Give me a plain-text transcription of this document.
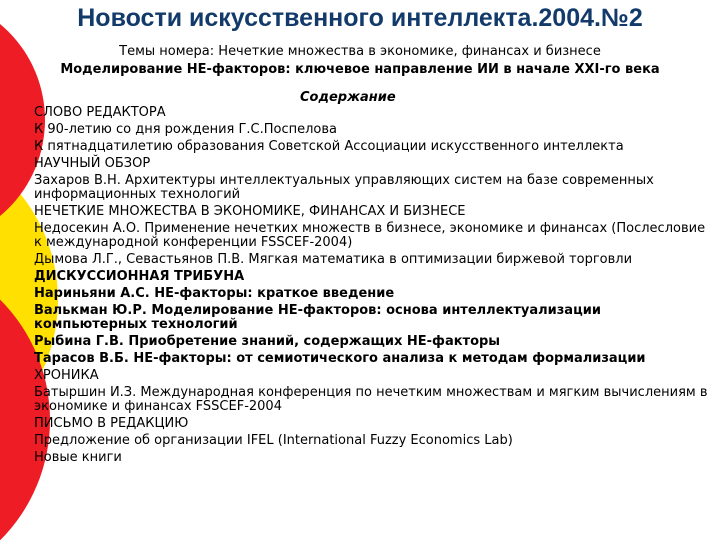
Новости искусственного интеллекта.2004.№2
Темы номера: Нечеткие множества в экономике, финансах и бизнесе
Моделирование НЕ-факторов: ключевое направление ИИ в начале XXI-го века
Содержание
СЛОВО РЕДАКТОРА
К 90-летию со дня рождения Г.С.Поспелова
К пятнадцатилетию образования Советской Ассоциации искусственного интеллекта
НАУЧНЫЙ ОБЗОР
Захаров В.Н. Архитектуры интеллектуальных управляющих систем на базе современных информационных технологий
НЕЧЕТКИЕ МНОЖЕСТВА В ЭКОНОМИКЕ, ФИНАНСАХ И БИЗНЕСЕ
Недосекин А.О. Применение нечетких множеств в бизнесе, экономике и финансах (Послесловие к международной конференции FSSCEF-2004)
Дымова Л.Г., Севастьянов П.В. Мягкая математика в оптимизации биржевой торговли
ДИСКУССИОННАЯ ТРИБУНА
Нариньяни А.С. НЕ-факторы: краткое введение
Валькман Ю.Р. Моделирование НЕ-факторов: основа интеллектуализации компьютерных технологий
Рыбина Г.В. Приобретение знаний, содержащих НЕ-факторы
Тарасов В.Б. НЕ-факторы: от семиотического анализа к методам формализации
ХРОНИКА
Батыршин И.З. Международная конференция по нечетким множествам и мягким вычислениям в экономике и финансах FSSCEF-2004
ПИСЬМО В РЕДАКЦИЮ
Предложение об организации IFEL (International Fuzzy Economics Lab)
Новые книги
